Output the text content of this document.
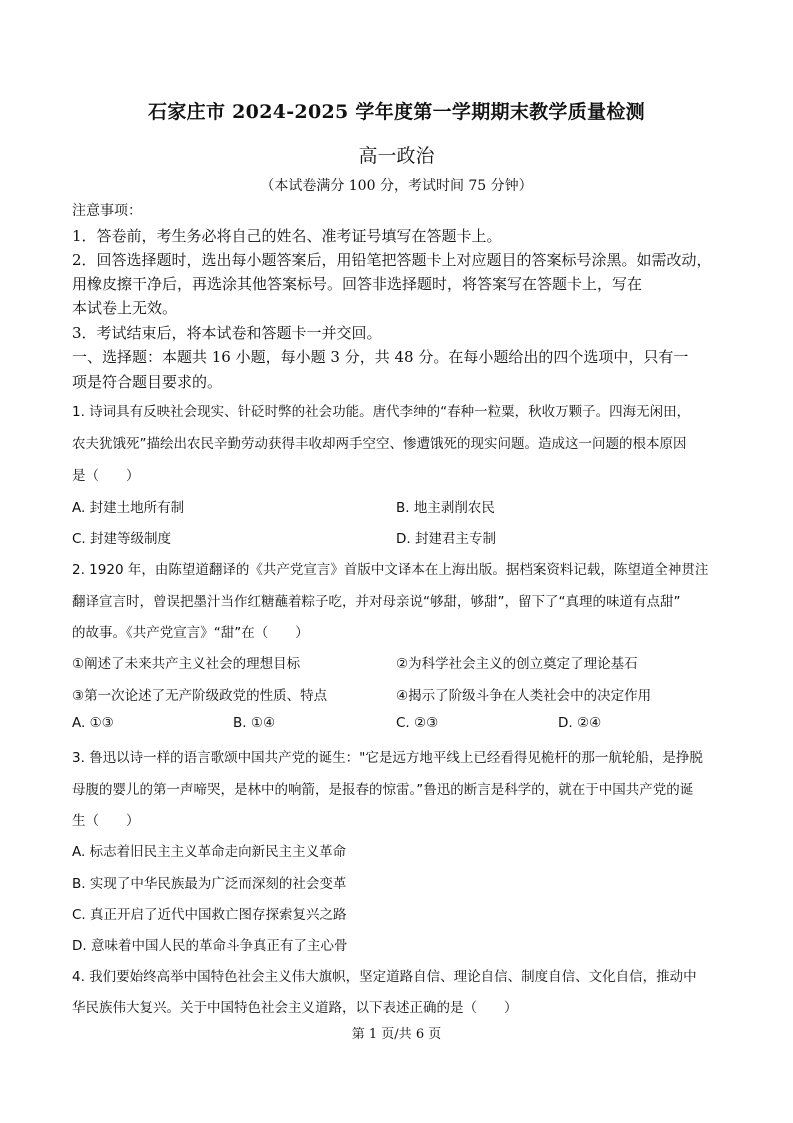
石家庄市 2024-2025 学年度第一学期期末教学质量检测
高一政治
（本试卷满分 100 分，考试时间 75 分钟）
注意事项：
1．答卷前，考生务必将自己的姓名、准考证号填写在答题卡上。
2．回答选择题时，选出每小题答案后，用铅笔把答题卡上对应题目的答案标号涂黑。如需改动，
用橡皮擦干净后，再选涂其他答案标号。回答非选择题时，将答案写在答题卡上，写在
本试卷上无效。
3．考试结束后，将本试卷和答题卡一并交回。
一、选择题：本题共 16 小题，每小题 3 分，共 48 分。在每小题给出的四个选项中，只有一
项是符合题目要求的。
1. 诗词具有反映社会现实、针砭时弊的社会功能。唐代李绅的“春种一粒粟，秋收万颗子。四海无闲田，
农夫犹饿死”描绘出农民辛勤劳动获得丰收却两手空空、惨遭饿死的现实问题。造成这一问题的根本原因
是（　　）
A. 封建土地所有制	B. 地主剥削农民
C. 封建等级制度	D. 封建君主专制
2. 1920 年，由陈望道翻译的《共产党宣言》首版中文译本在上海出版。据档案资料记载，陈望道全神贯注
翻译宣言时，曾误把墨汁当作红糖蘸着粽子吃，并对母亲说“够甜，够甜”，留下了“真理的味道有点甜”
的故事。《共产党宣言》“甜”在（　　）
①阐述了未来共产主义社会的理想目标	②为科学社会主义的创立奠定了理论基石
③第一次论述了无产阶级政党的性质、特点	④揭示了阶级斗争在人类社会中的决定作用
A. ①③	B. ①④	C. ②③	D. ②④
3. 鲁迅以诗一样的语言歌颂中国共产党的诞生："它是远方地平线上已经看得见桅杆的那一航轮船，是挣脱
母腹的婴儿的第一声啼哭，是林中的响箭，是报春的惊雷。”鲁迅的断言是科学的，就在于中国共产党的诞
生（　　）
A. 标志着旧民主主义革命走向新民主主义革命
B. 实现了中华民族最为广泛而深刻的社会变革
C. 真正开启了近代中国救亡图存探索复兴之路
D. 意味着中国人民的革命斗争真正有了主心骨
4. 我们要始终高举中国特色社会主义伟大旗帜，坚定道路自信、理论自信、制度自信、文化自信，推动中
华民族伟大复兴。关于中国特色社会主义道路，以下表述正确的是（　　）
第 1 页/共 6 页
